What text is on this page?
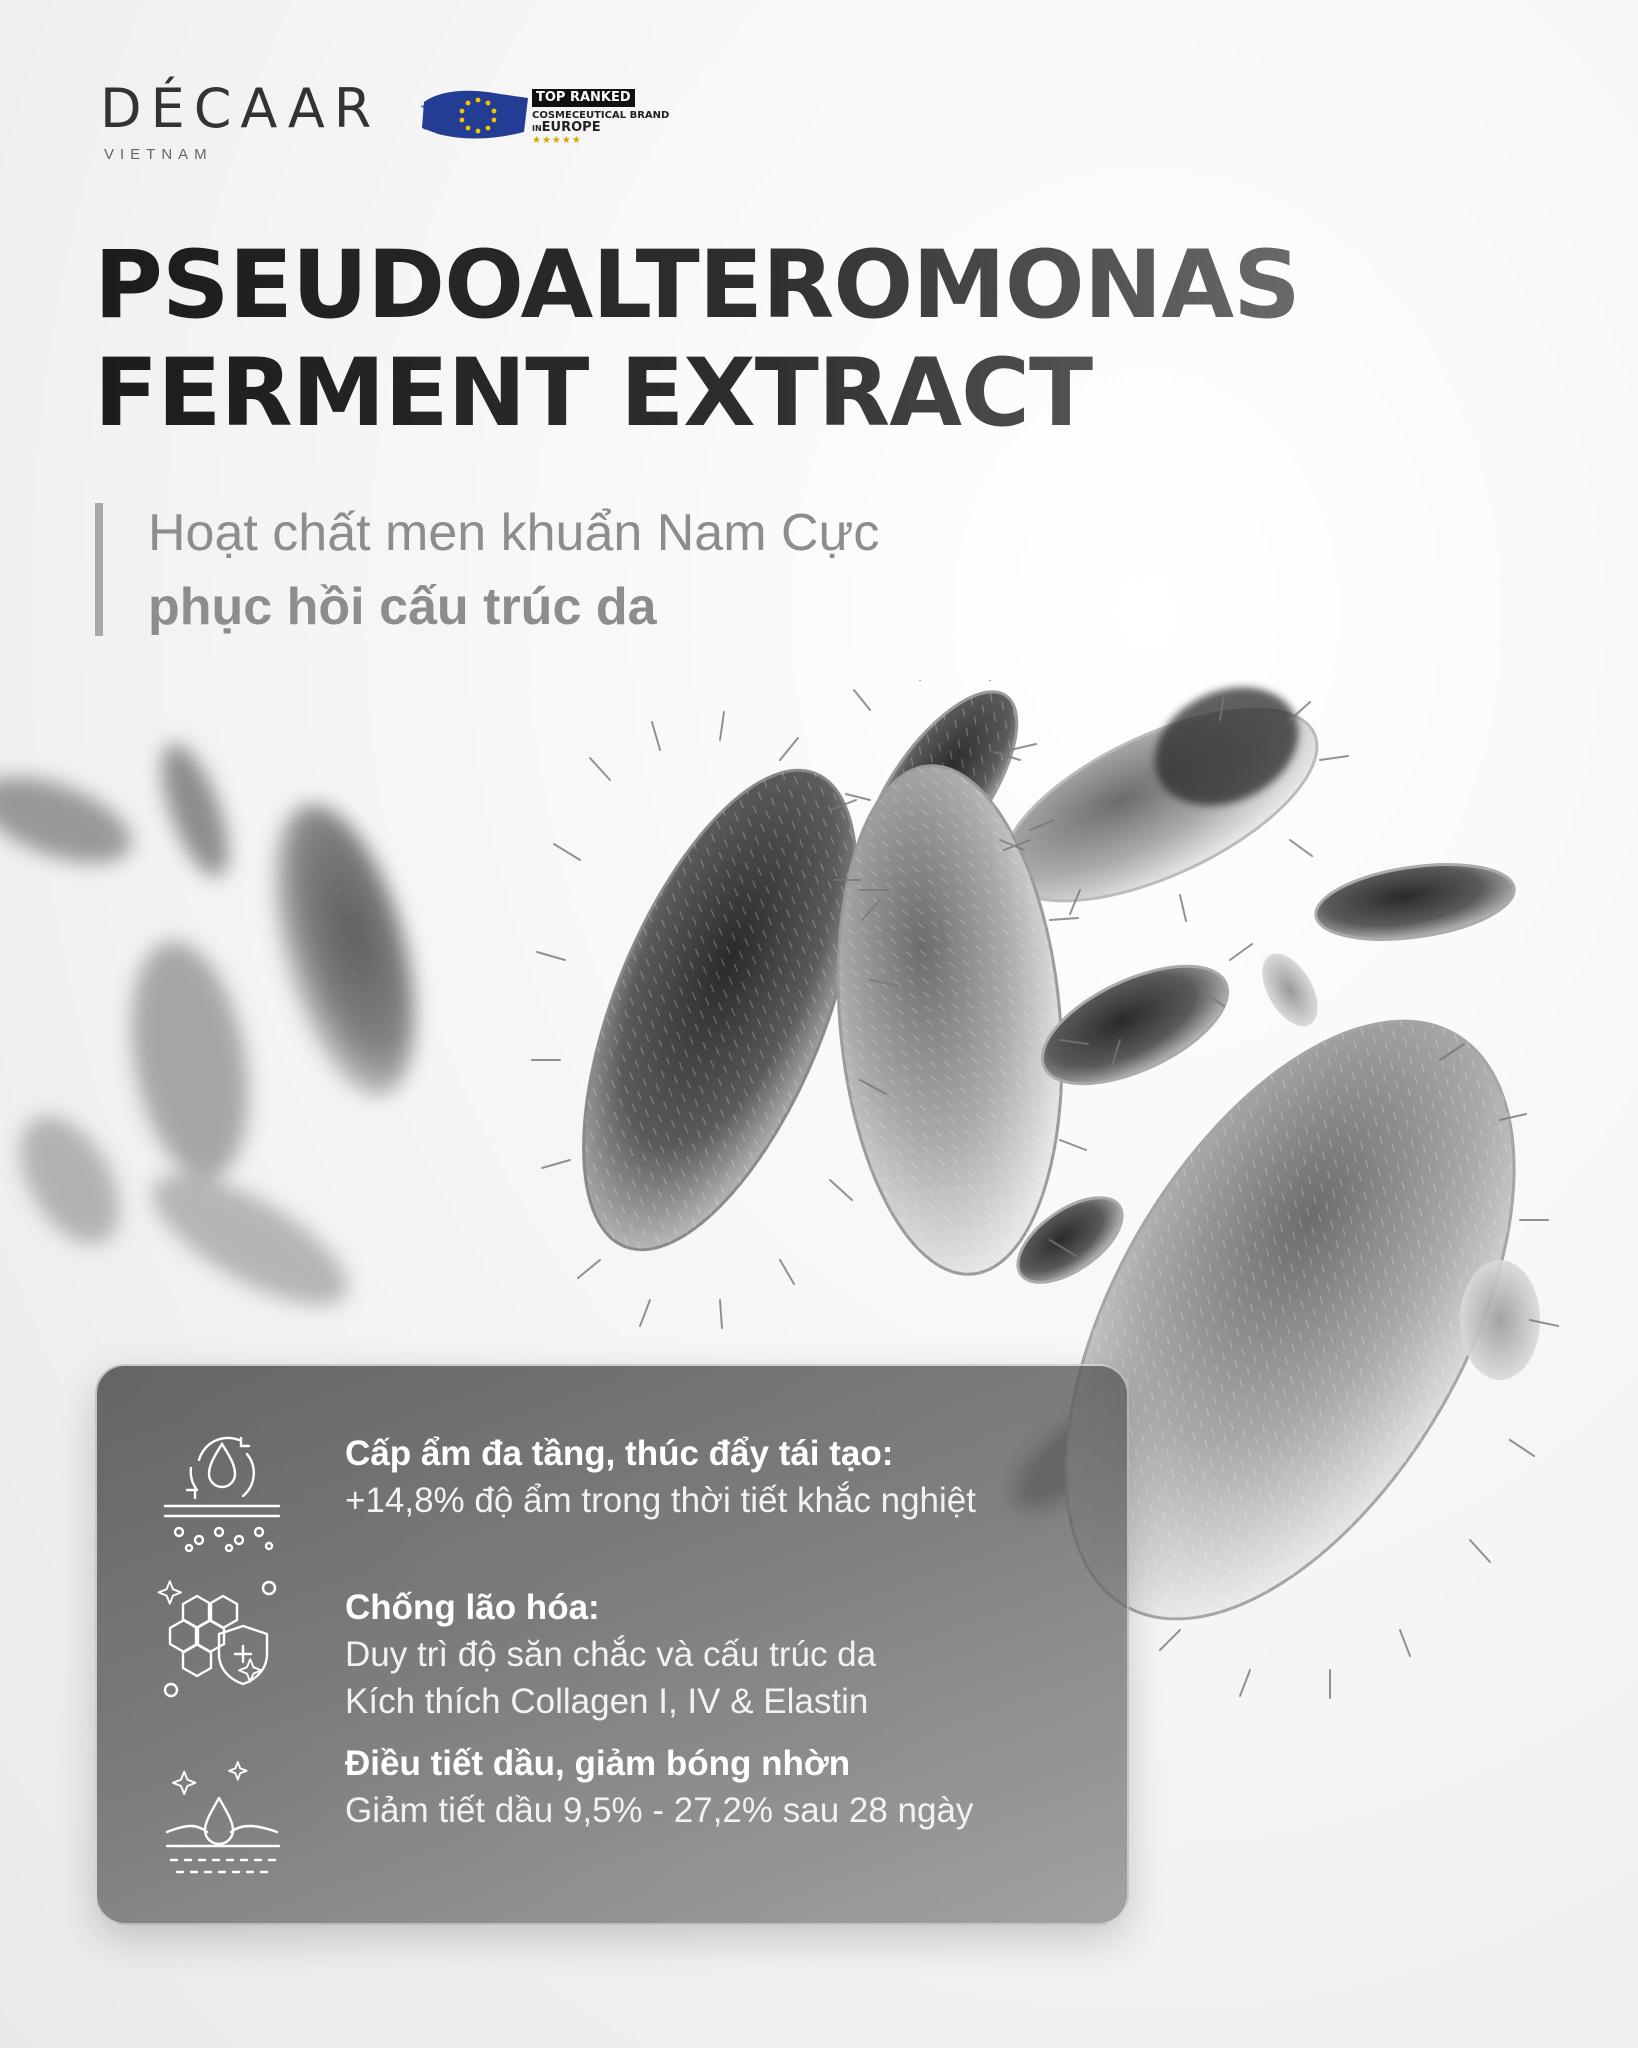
DÉCAAR
VIETNAM
TOP RANKED
COSMECEUTICAL BRAND
INEUROPE
★★★★★
PSEUDOALTEROMONAS
FERMENT EXTRACT
Hoạt chất men khuẩn Nam Cực
phục hồi cấu trúc da
Cấp ẩm đa tầng, thúc đẩy tái tạo:
+14,8% độ ẩm trong thời tiết khắc nghiệt
Chống lão hóa:
Duy trì độ săn chắc và cấu trúc da
Kích thích Collagen I, IV & Elastin
Điều tiết dầu, giảm bóng nhờn
Giảm tiết dầu 9,5% - 27,2% sau 28 ngày
